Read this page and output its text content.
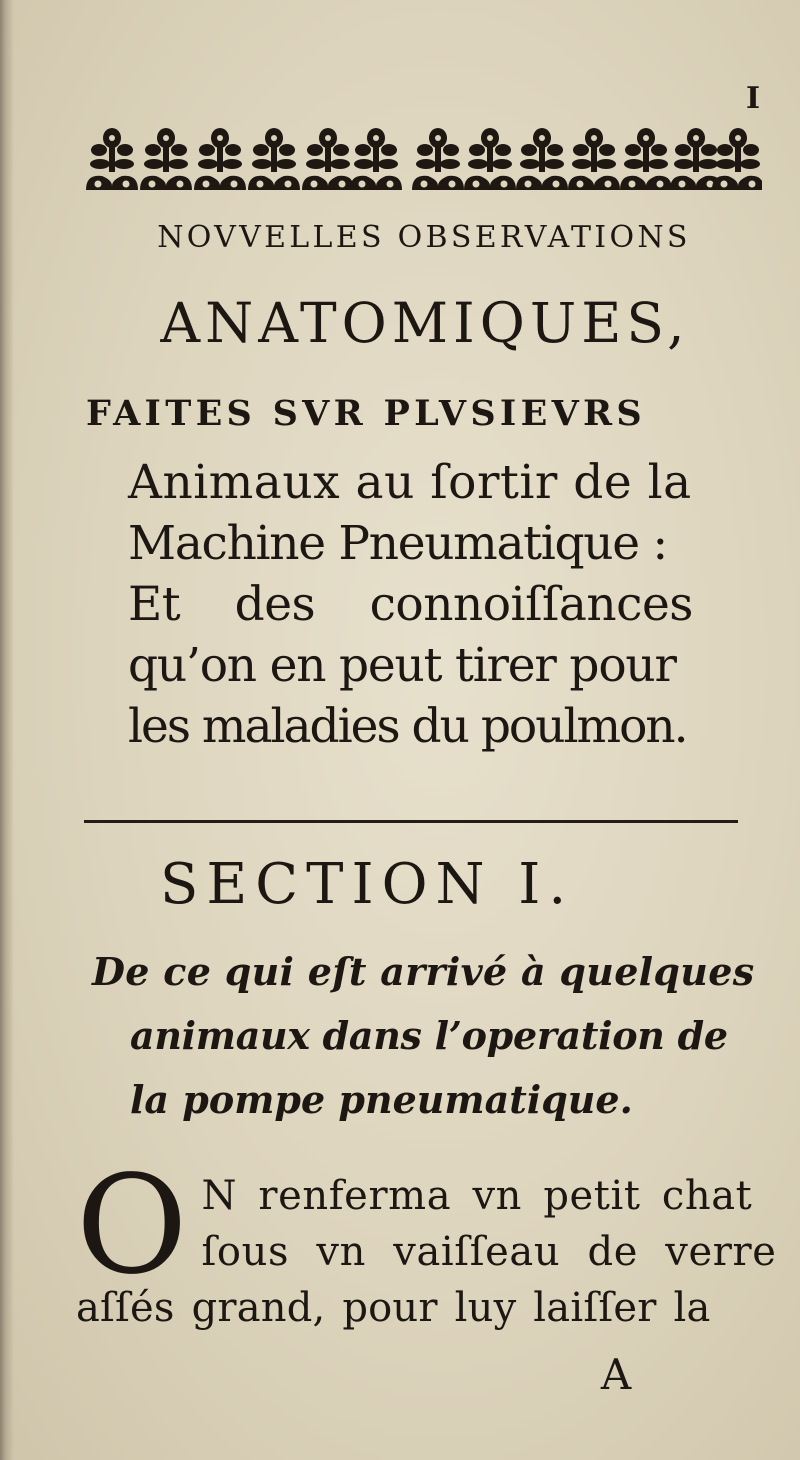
I
NOVVELLES OBSERVATIONS
ANATOMIQUES,
FAITES SVR PLVSIEVRS
Animaux au ſortir de la
Machine Pneumatique :
Et des connoiſſances
qu’on en peut tirer pour
les maladies du poulmon.
SECTION I.
De ce qui eſt arrivé à quelques
animaux dans l’operation de
la pompe pneumatique.
O N renferma vn petit chat
ſous vn vaiſſeau de verre
aſſés grand, pour luy laiſſer la
A
